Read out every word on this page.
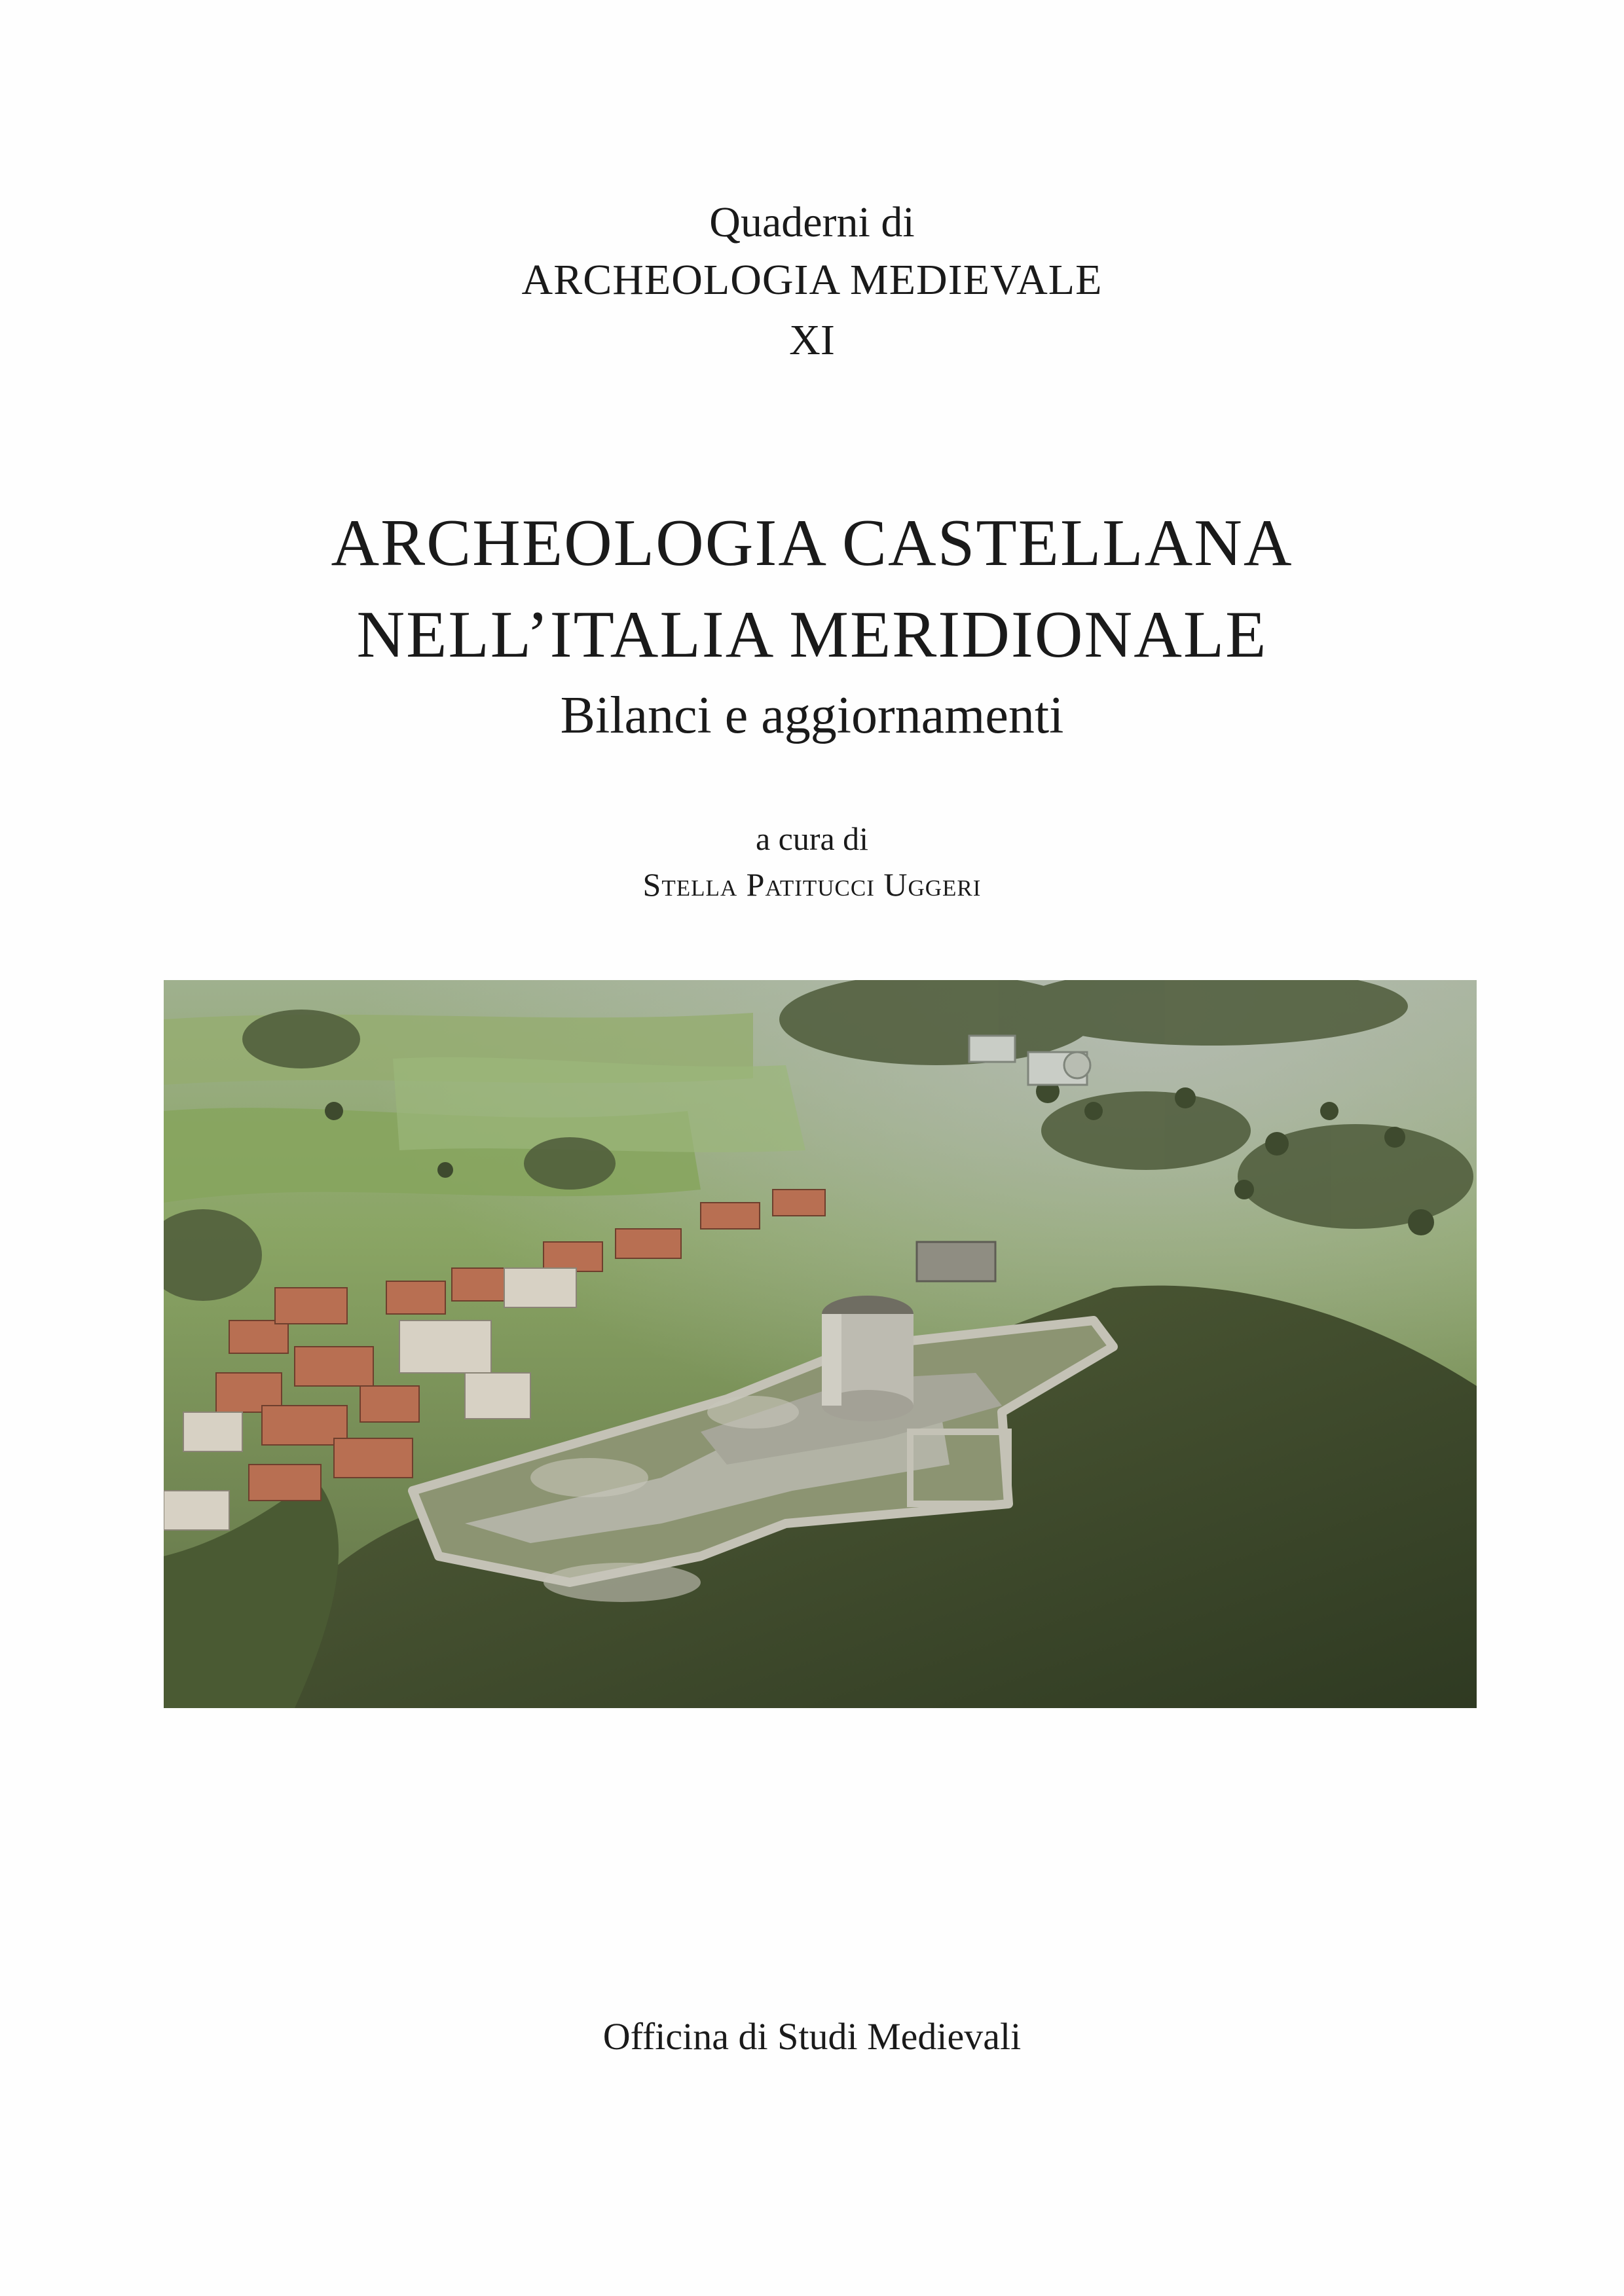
Quaderni di
ARCHEOLOGIA MEDIEVALE
XI
ARCHEOLOGIA CASTELLANA
NELL’ITALIA MERIDIONALE
Bilanci e aggiornamenti
a cura di
Stella Patitucci Uggeri
Officina di Studi Medievali
